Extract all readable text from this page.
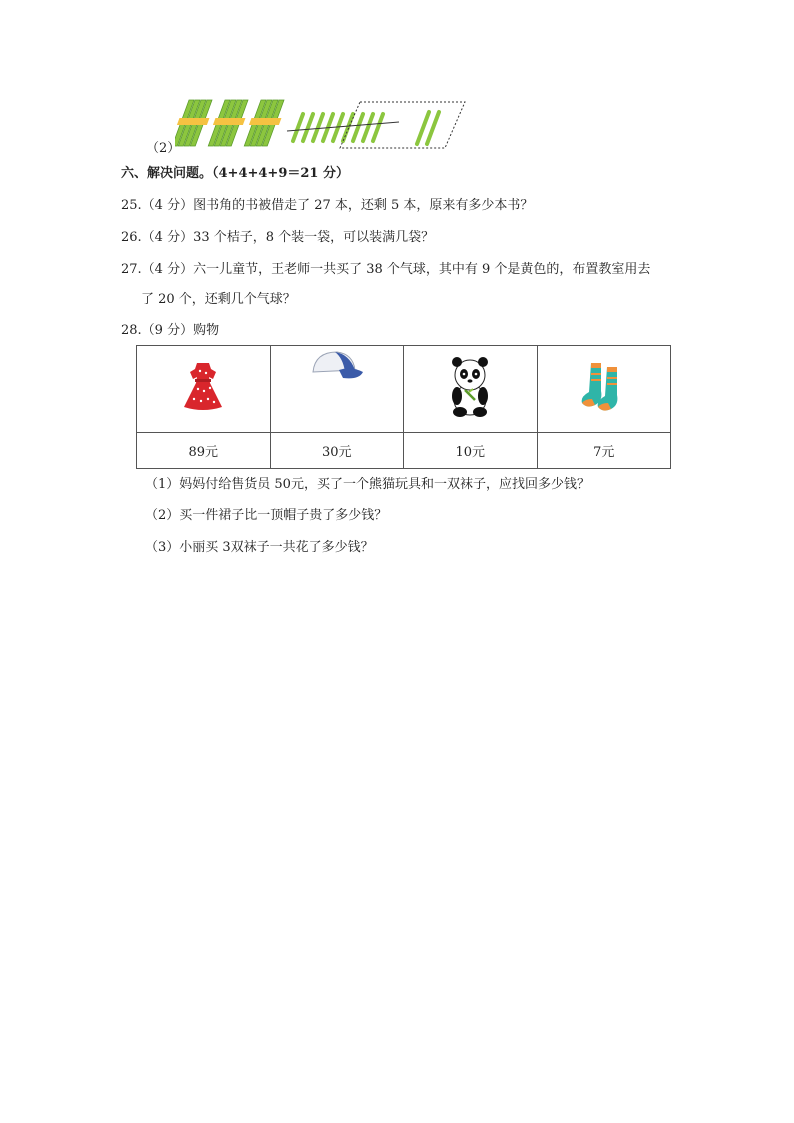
（2）
六、解决问题。（4+4+4+9＝21 分）
25.（4 分）图书角的书被借走了 27 本，还剩 5 本，原来有多少本书？
26.（4 分）33 个桔子，8 个装一袋，可以装满几袋？
27.（4 分）六一儿童节，王老师一共买了 38 个气球，其中有 9 个是黄色的，布置教室用去
了 20 个，还剩几个气球？
28.（9 分）购物

89元	30元	10元	7元
（1）妈妈付给售货员 50元，买了一个熊猫玩具和一双袜子，应找回多少钱？
（2）买一件裙子比一顶帽子贵了多少钱？
（3）小丽买 3双袜子一共花了多少钱？
